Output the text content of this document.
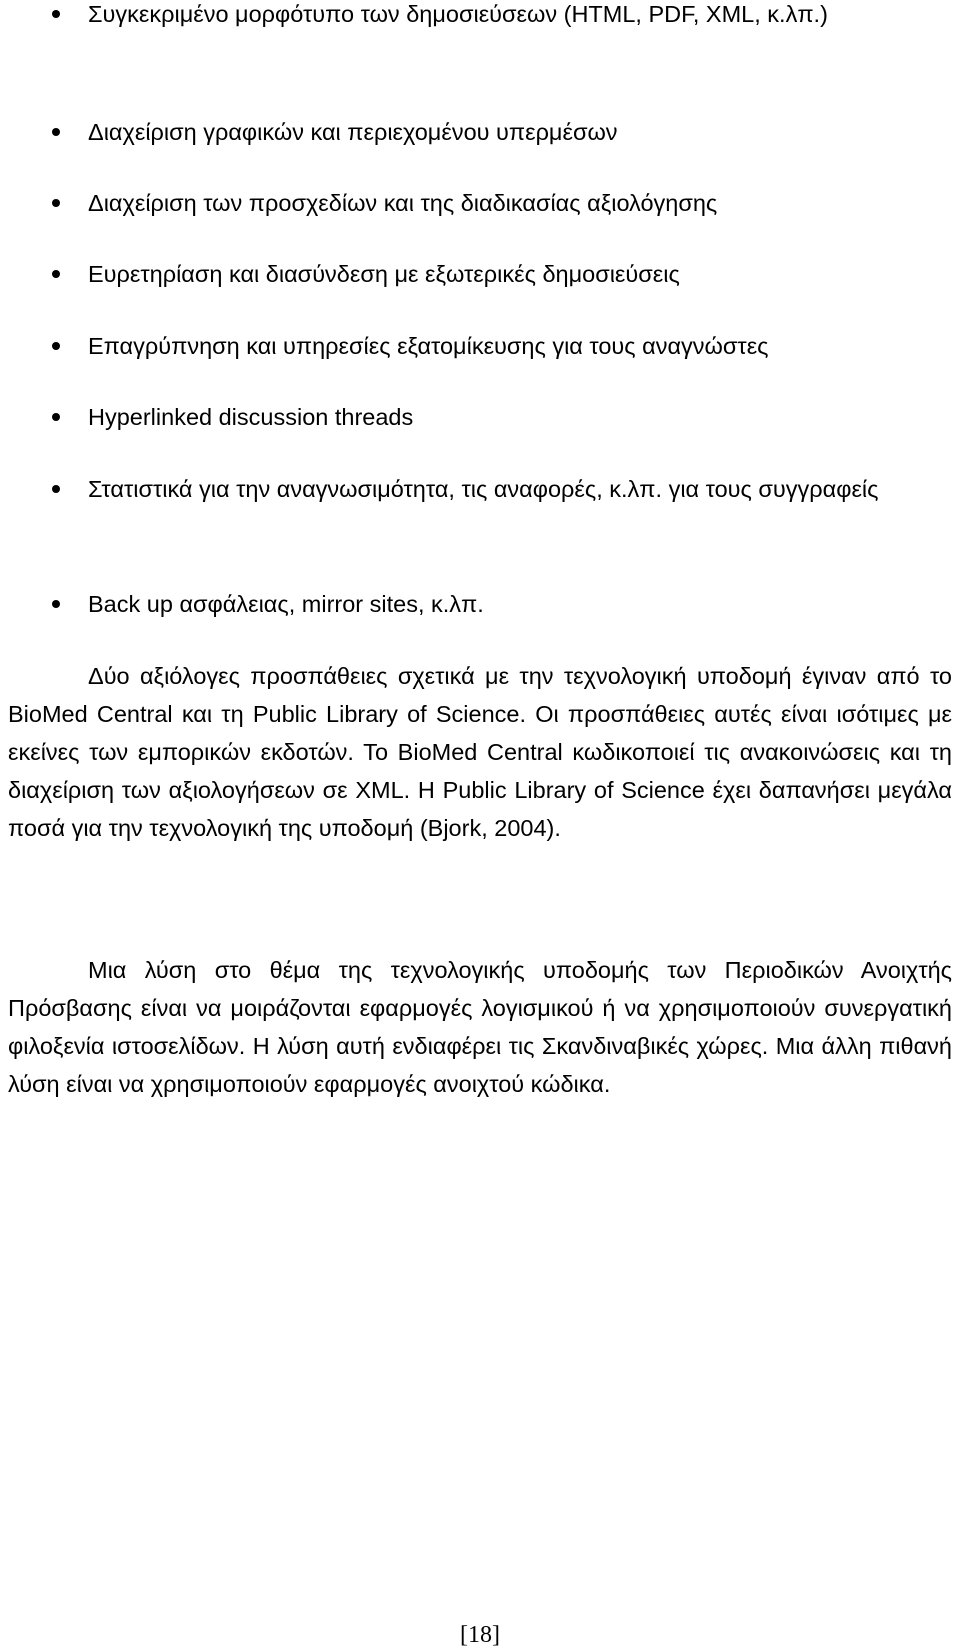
Συγκεκριμένο μορφότυπο των δημοσιεύσεων (HTML, PDF, XML, κ.λπ.)
Διαχείριση γραφικών και περιεχομένου υπερμέσων
Διαχείριση των προσχεδίων και της διαδικασίας αξιολόγησης
Ευρετηρίαση και διασύνδεση με εξωτερικές δημοσιεύσεις
Επαγρύπνηση και υπηρεσίες εξατομίκευσης για τους αναγνώστες
Hyperlinked discussion threads
Στατιστικά για την αναγνωσιμότητα, τις αναφορές, κ.λπ. για τους συγγραφείς
Back up ασφάλειας, mirror sites, κ.λπ.

Δύο αξιόλογες προσπάθειες σχετικά με την τεχνολογική υποδομή έγιναν από το BioMed Central και τη Public Library of Science. Οι προσπάθειες αυτές είναι ισότιμες με εκείνες των εμπορικών εκδοτών. Το BioMed Central κωδικοποιεί τις ανακοινώσεις και τη διαχείριση των αξιολογήσεων σε XML. Η Public Library of Science έχει δαπανήσει μεγάλα ποσά για την τεχνολογική της υποδομή (Bjork, 2004).

Μια λύση στο θέμα της τεχνολογικής υποδομής των Περιοδικών Ανοιχτής Πρόσβασης είναι να μοιράζονται εφαρμογές λογισμικού ή να χρησιμοποιούν συνεργατική φιλοξενία ιστοσελίδων. Η λύση αυτή ενδιαφέρει τις Σκανδιναβικές χώρες. Μια άλλη πιθανή λύση είναι να χρησιμοποιούν εφαρμογές ανοιχτού κώδικα.

[18]
